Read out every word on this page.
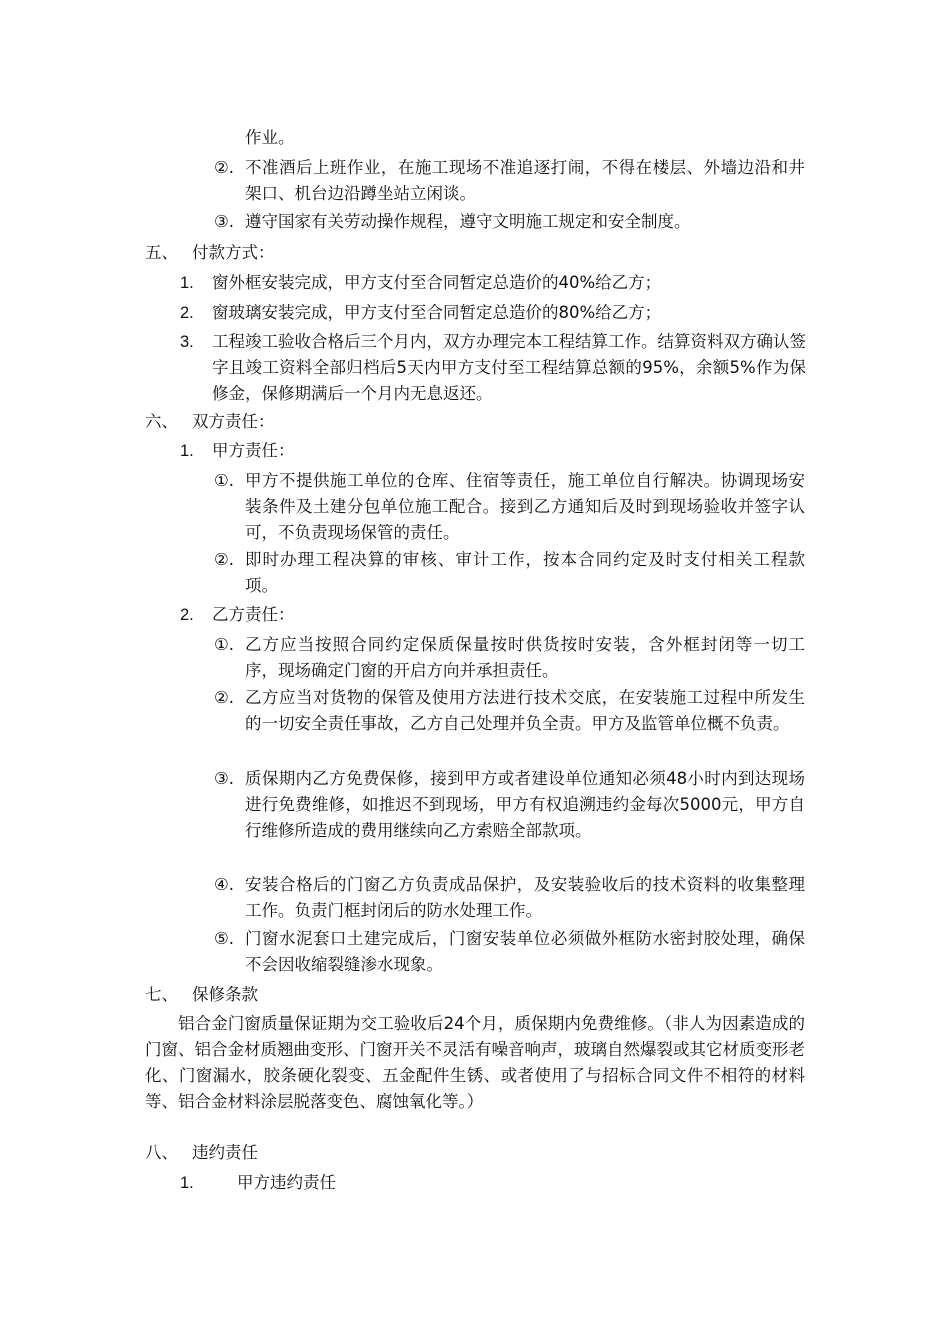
作业。
②. 不准酒后上班作业，在施工现场不准追逐打闹，不得在楼层、外墙边沿和井架口、机台边沿蹲坐站立闲谈。
③. 遵守国家有关劳动操作规程，遵守文明施工规定和安全制度。
五、 付款方式：
1. 窗外框安装完成，甲方支付至合同暂定总造价的40%给乙方；
2. 窗玻璃安装完成，甲方支付至合同暂定总造价的80%给乙方；
3. 工程竣工验收合格后三个月内，双方办理完本工程结算工作。结算资料双方确认签字且竣工资料全部归档后5天内甲方支付至工程结算总额的95%，余额5%作为保修金，保修期满后一个月内无息返还。
六、 双方责任：
1. 甲方责任：
①. 甲方不提供施工单位的仓库、住宿等责任，施工单位自行解决。协调现场安装条件及土建分包单位施工配合。接到乙方通知后及时到现场验收并签字认可，不负责现场保管的责任。
②. 即时办理工程决算的审核、审计工作，按本合同约定及时支付相关工程款项。
2. 乙方责任：
①. 乙方应当按照合同约定保质保量按时供货按时安装，含外框封闭等一切工序，现场确定门窗的开启方向并承担责任。
②. 乙方应当对货物的保管及使用方法进行技术交底，在安装施工过程中所发生的一切安全责任事故，乙方自己处理并负全责。甲方及监管单位概不负责。
③. 质保期内乙方免费保修，接到甲方或者建设单位通知必须48小时内到达现场进行免费维修，如推迟不到现场，甲方有权追溯违约金每次5000元，甲方自行维修所造成的费用继续向乙方索赔全部款项。
④. 安装合格后的门窗乙方负责成品保护，及安装验收后的技术资料的收集整理工作。负责门框封闭后的防水处理工作。
⑤. 门窗水泥套口土建完成后，门窗安装单位必须做外框防水密封胶处理，确保不会因收缩裂缝渗水现象。
七、 保修条款
铝合金门窗质量保证期为交工验收后24个月，质保期内免费维修。（非人为因素造成的门窗、铝合金材质翘曲变形、门窗开关不灵活有噪音响声，玻璃自然爆裂或其它材质变形老化、门窗漏水，胶条硬化裂变、五金配件生锈、或者使用了与招标合同文件不相符的材料等、铝合金材料涂层脱落变色、腐蚀氧化等。）
八、 违约责任
1.	甲方违约责任
